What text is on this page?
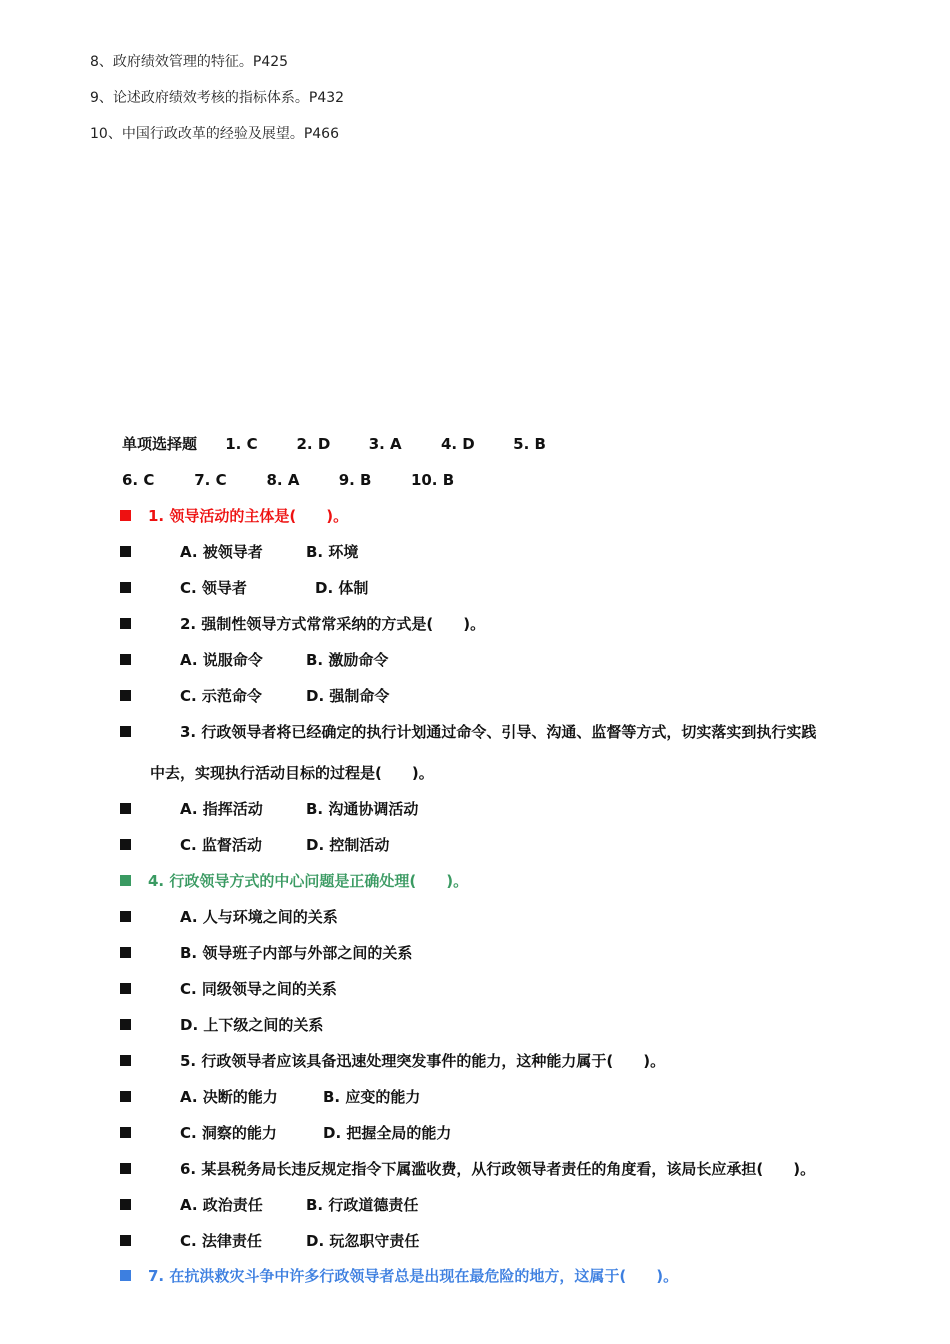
8、政府绩效管理的特征。P425
9、论述政府绩效考核的指标体系。P432
10、中国行政改革的经验及展望。P466
单项选择题 1. C	2. D	3. A	4. D	5. B
6. C	7. C	8. A	9. B	10. B
1. 领导活动的主体是(　　)。
A. 被领导者	B. 环境
C. 领导者	D. 体制
2. 强制性领导方式常常采纳的方式是(　　)。
A. 说服命令	B. 激励命令
C. 示范命令	D. 强制命令
3. 行政领导者将已经确定的执行计划通过命令、引导、沟通、监督等方式，切实落实到执行实践
中去，实现执行活动目标的过程是(　　)。
A. 指挥活动	B. 沟通协调活动
C. 监督活动	D. 控制活动
4. 行政领导方式的中心问题是正确处理(　　)。
A. 人与环境之间的关系
B. 领导班子内部与外部之间的关系
C. 同级领导之间的关系
D. 上下级之间的关系
5. 行政领导者应该具备迅速处理突发事件的能力，这种能力属于(　　)。
A. 决断的能力	B. 应变的能力
C. 洞察的能力	D. 把握全局的能力
6. 某县税务局长违反规定指令下属滥收费，从行政领导者责任的角度看，该局长应承担(　　)。
A. 政治责任	B. 行政道德责任
C. 法律责任	D. 玩忽职守责任
7. 在抗洪救灾斗争中许多行政领导者总是出现在最危险的地方，这属于(　　)。
